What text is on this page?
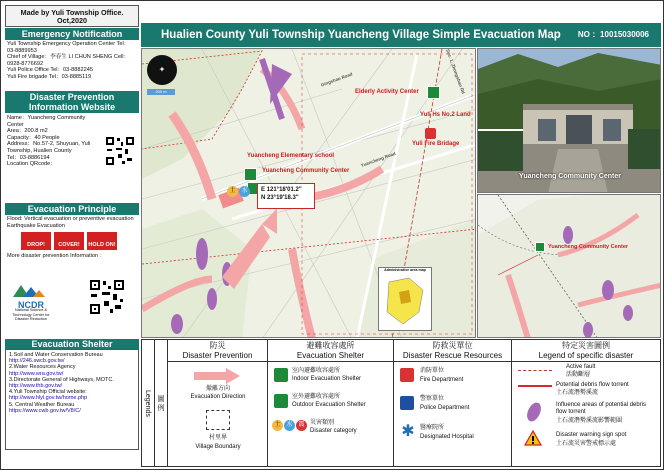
Made by Yuli Township Office. Oct,2020
Emergency Notification
Yuli Township Emergency Operation Center Tel：03-8889953
Chief of Village：李春生 LI CHUN SHENG Cell：0928-8776692
Yuli Police Office Tel：03-8882245
Yuli Fire brigade Tel：03-8885119
Disaster Prevention Information Website
Name：Yuancheng Community Center
Area：200.8 m2
Capacity：40 People
Address：No.57-2, Shuyuan, Yuli Township, Hualien County
Tel：03-8886194
Location QRcode：
Evacuation Principle
Flood: Vertical evacuation or preventive evacuation Earthquake Evacuation
DROP!	COVER!	HOLD ON!
More disaster prevention Information ：
NCDR
National Science & Technology Center for Disaster Reduction
Hualien County Yuli Township Yuancheng Village Simple Evacuation Map NO ：10015030006
✦
200 m	Elderly Activity Center
Yuancheng Elementary school
Yuancheng Community Center
Yuli Hs No.2 Land
Yuli Fire Bridage
Gingshao Road
Yuancheng Road
Sec. 1, Zhongshan Rd
土 水	E 121°18'01.2"
N 23°19'18.3"
Administrative area map
Yuancheng Community Center
Yuancheng Community Center
Evacuation Shelter
1.Soil and Water Conservation Bureau
http://246.swcb.gov.tw/
2.Water Resources Agency
http://www.wra.gov.tw/
3.Directorate General of Highways, MOTC.
http://www.thb.gov.tw/
4.Yuli Township Official website:
http://www.hlyl.gov.tw/home.php
5. Central Weather Bureau
https://www.cwb.gov.tw/V8/C/	Legends 圖 例
防災
Disaster Prevention
撤離方向
Evacuation Direction
村里界
Village Boundary
避難收容處所
Evacuation Shelter
室內避難收容處所
Indoor Evacuation Shelter
室外避難收容處所
Outdoor Evacuation Shelter
土 水 震 災害類別
Disaster category
防救災單位
Disaster Rescue Resources
消防單位
Fire Department
警察單位
Police Department
✱ 醫療院所
Designated Hospital
特定災害圖例
Legend of specific disaster
Active fault
活動斷層
Potential debris flow torrent
土石流潛勢溪流
Influence areas of potential debris flow torrent
土石流潛勢溪流影響範圍
Disaster warning sign spot
土石流災害警戒標示處
